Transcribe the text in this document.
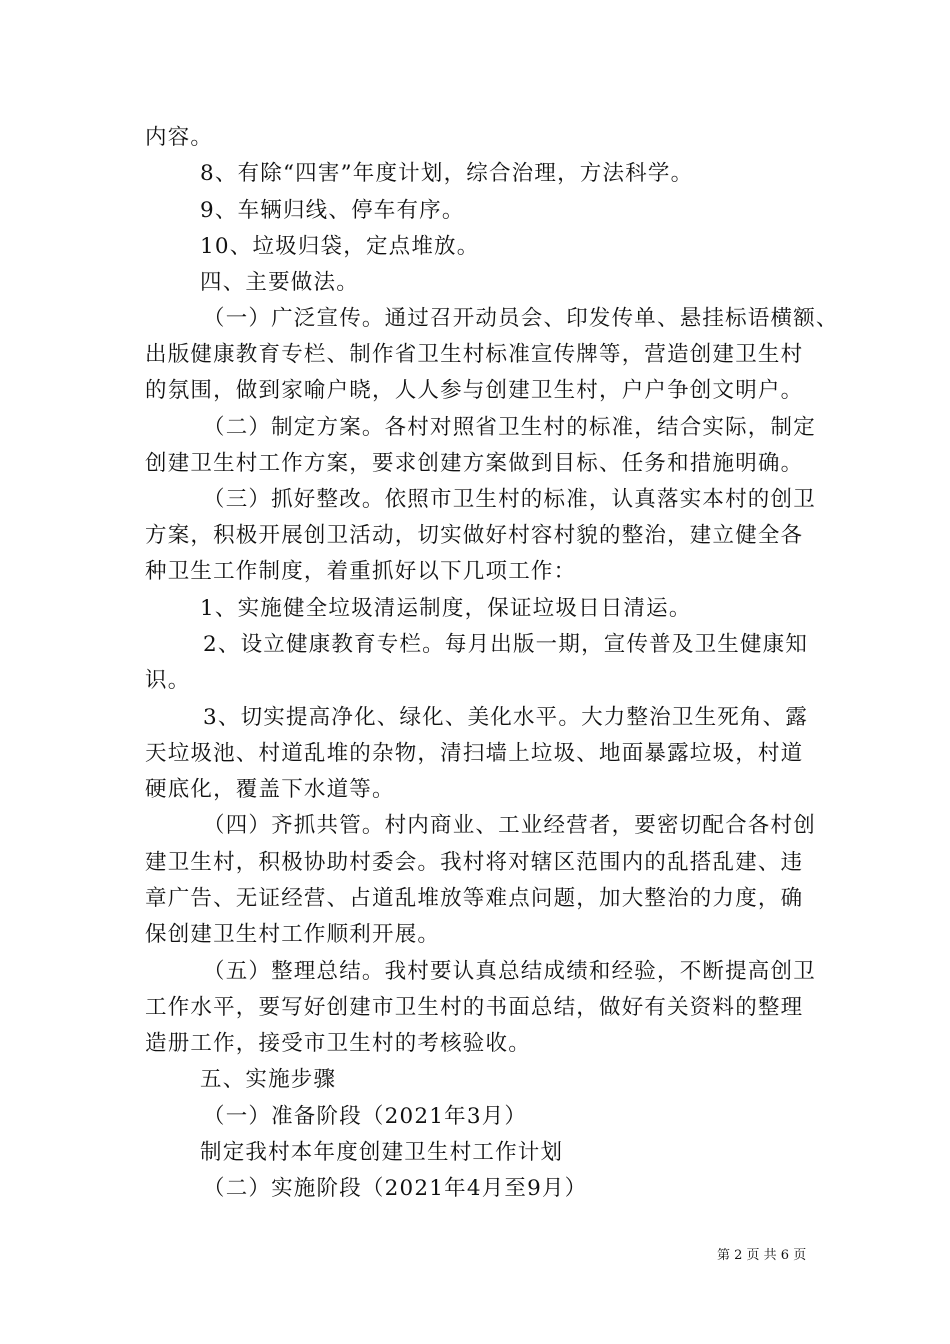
内容。
8、有除“四害”年度计划，综合治理，方法科学。
9、车辆归线、停车有序。
10、垃圾归袋，定点堆放。
四、主要做法。
（一）广泛宣传。通过召开动员会、印发传单、悬挂标语横额、
出版健康教育专栏、制作省卫生村标准宣传牌等，营造创建卫生村
的氛围，做到家喻户晓，人人参与创建卫生村，户户争创文明户。
（二）制定方案。各村对照省卫生村的标准，结合实际，制定
创建卫生村工作方案，要求创建方案做到目标、任务和措施明确。
（三）抓好整改。依照市卫生村的标准，认真落实本村的创卫
方案，积极开展创卫活动，切实做好村容村貌的整治，建立健全各
种卫生工作制度，着重抓好以下几项工作：
1、实施健全垃圾清运制度，保证垃圾日日清运。
2、设立健康教育专栏。每月出版一期，宣传普及卫生健康知
识。
3、切实提高净化、绿化、美化水平。大力整治卫生死角、露
天垃圾池、村道乱堆的杂物，清扫墙上垃圾、地面暴露垃圾，村道
硬底化，覆盖下水道等。
（四）齐抓共管。村内商业、工业经营者，要密切配合各村创
建卫生村，积极协助村委会。我村将对辖区范围内的乱搭乱建、违
章广告、无证经营、占道乱堆放等难点问题，加大整治的力度，确
保创建卫生村工作顺利开展。
（五）整理总结。我村要认真总结成绩和经验，不断提高创卫
工作水平，要写好创建市卫生村的书面总结，做好有关资料的整理
造册工作，接受市卫生村的考核验收。
五、实施步骤
（一）准备阶段（2021年3月）
制定我村本年度创建卫生村工作计划
（二）实施阶段（2021年4月至9月）
第 2 页 共 6 页
